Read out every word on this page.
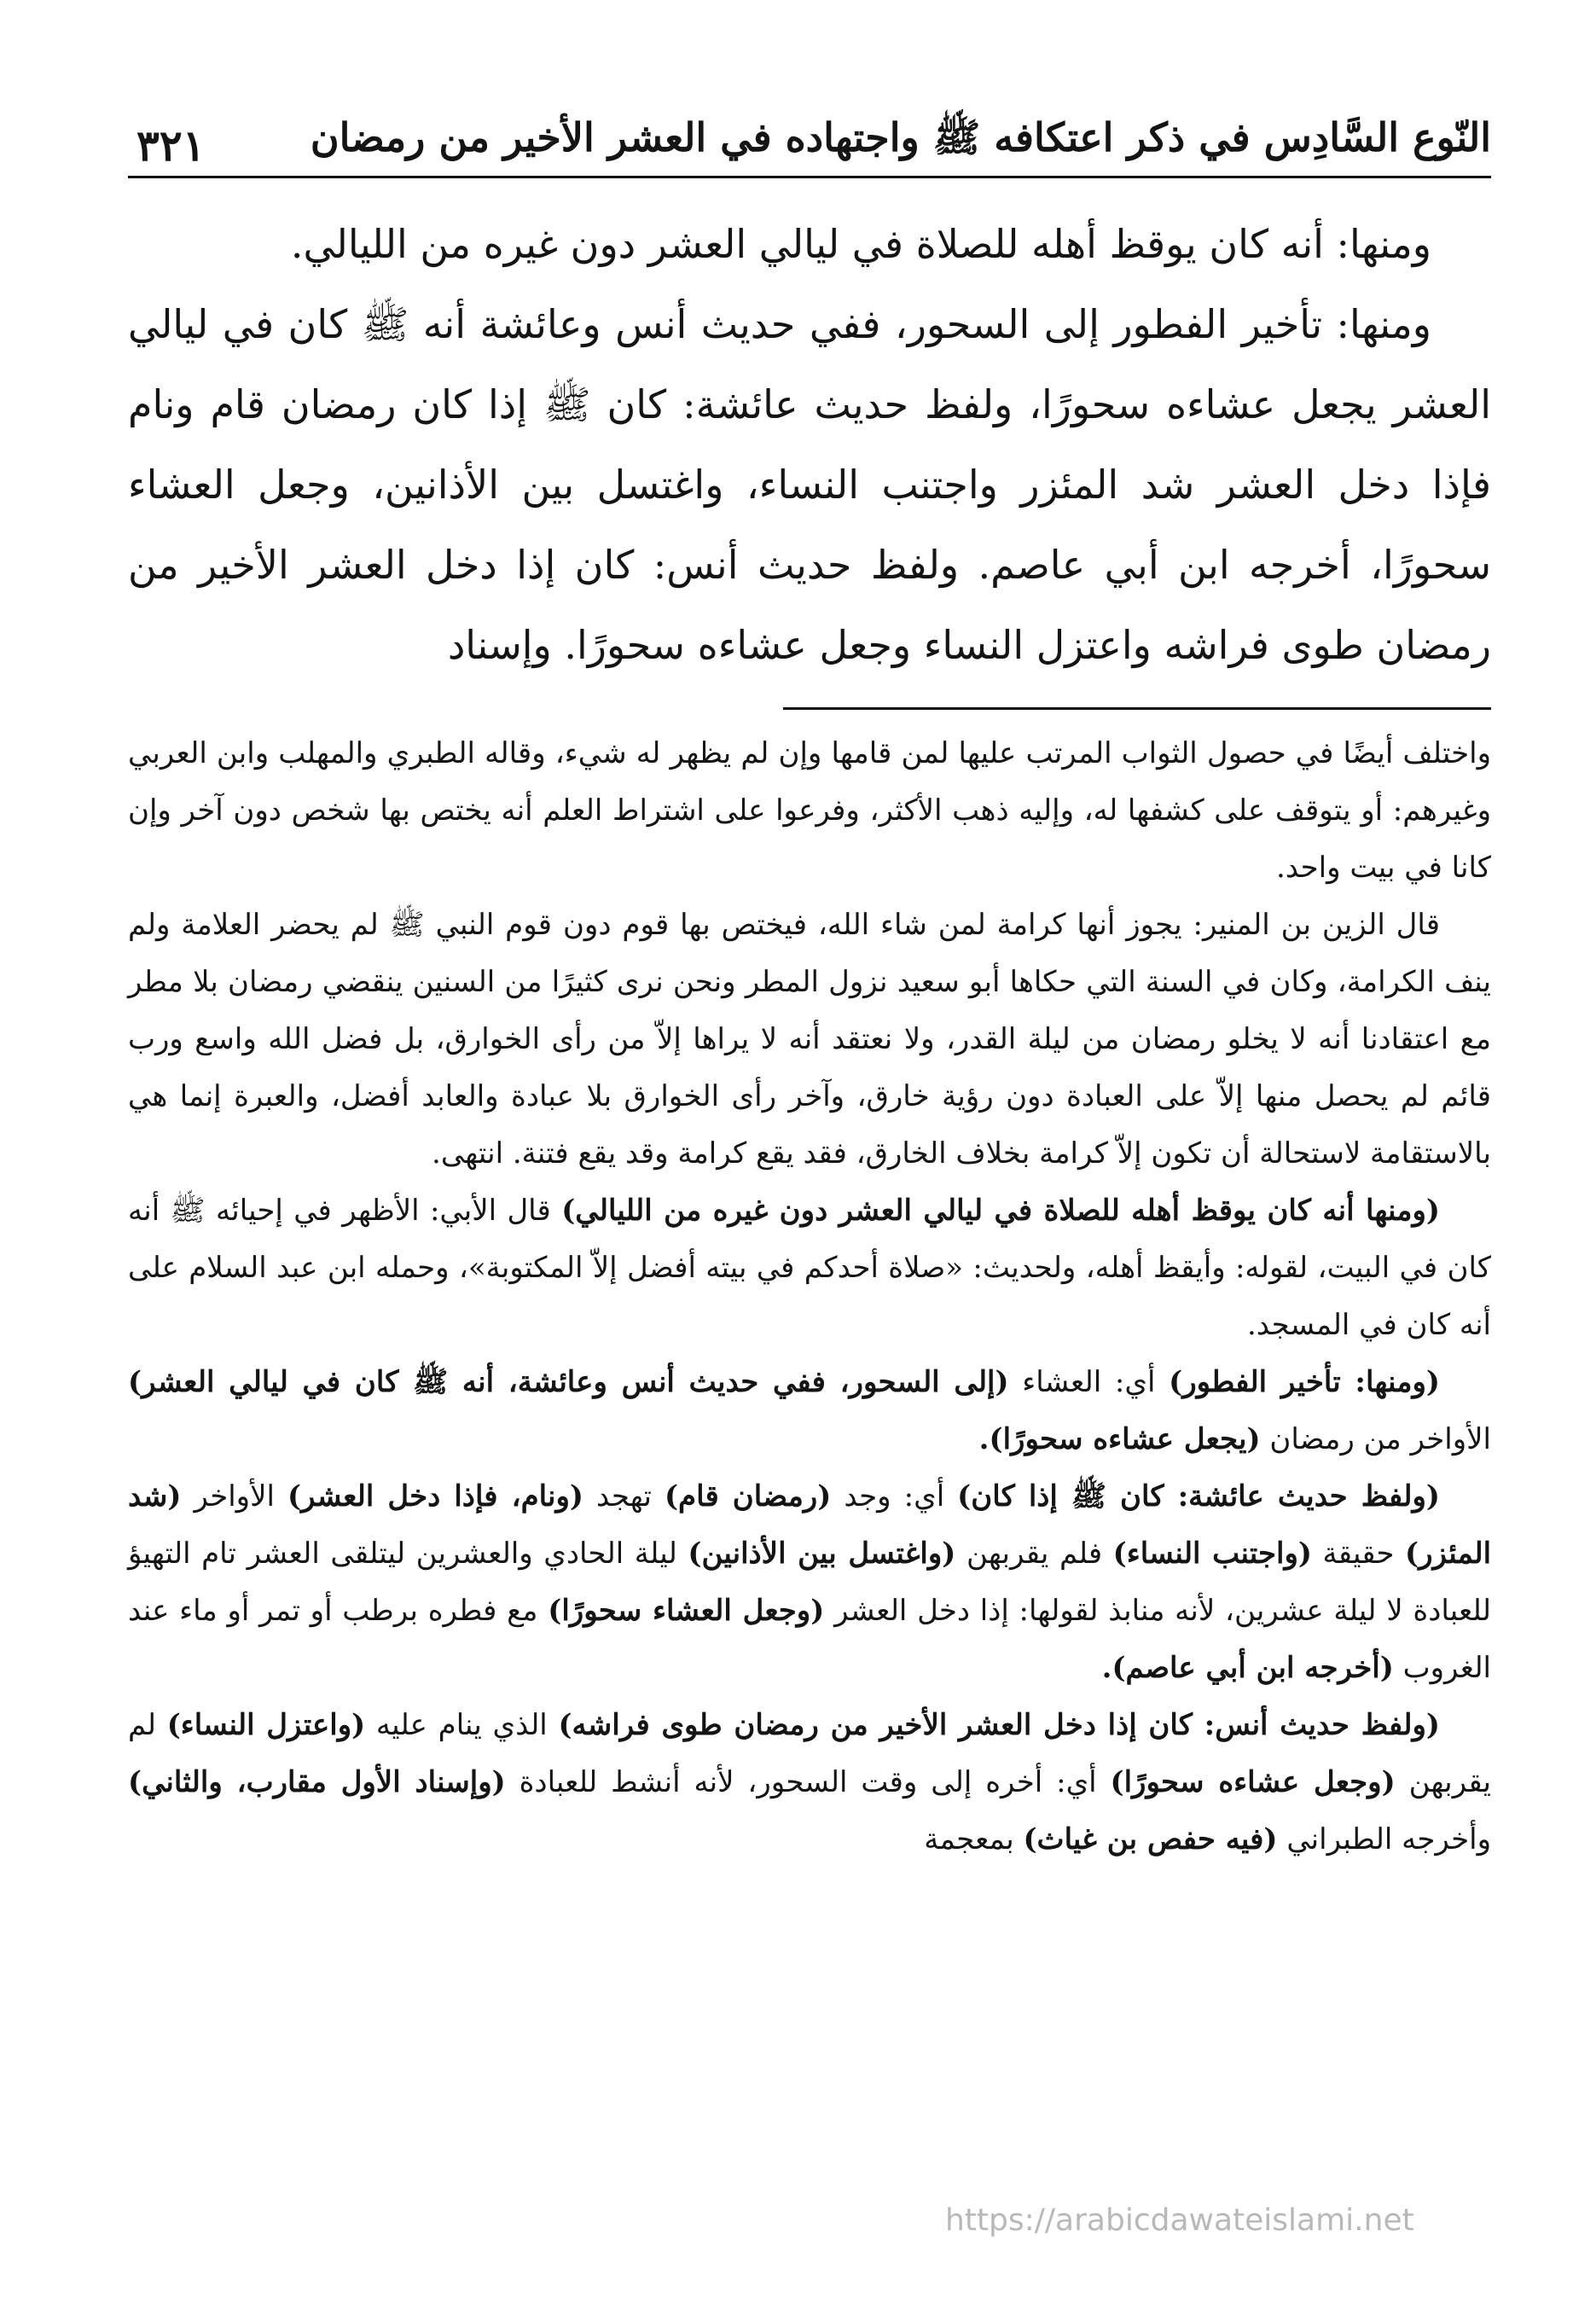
النّوع السَّادِس في ذكر اعتكافه ﷺ واجتهاده في العشر الأخير من رمضان
٣٢١

ومنها: أنه كان يوقظ أهله للصلاة في ليالي العشر دون غيره من الليالي.

ومنها: تأخير الفطور إلى السحور، ففي حديث أنس وعائشة أنه ﷺ كان في ليالي العشر يجعل عشاءه سحورًا، ولفظ حديث عائشة: كان ﷺ إذا كان رمضان قام ونام فإذا دخل العشر شد المئزر واجتنب النساء، واغتسل بين الأذانين، وجعل العشاء سحورًا، أخرجه ابن أبي عاصم. ولفظ حديث أنس: كان إذا دخل العشر الأخير من رمضان طوى فراشه واعتزل النساء وجعل عشاءه سحورًا. وإسناد

واختلف أيضًا في حصول الثواب المرتب عليها لمن قامها وإن لم يظهر له شيء، وقاله الطبري والمهلب وابن العربي وغيرهم: أو يتوقف على كشفها له، وإليه ذهب الأكثر، وفرعوا على اشتراط العلم أنه يختص بها شخص دون آخر وإن كانا في بيت واحد.

قال الزين بن المنير: يجوز أنها كرامة لمن شاء الله، فيختص بها قوم دون قوم النبي ﷺ لم يحضر العلامة ولم ينف الكرامة، وكان في السنة التي حكاها أبو سعيد نزول المطر ونحن نرى كثيرًا من السنين ينقضي رمضان بلا مطر مع اعتقادنا أنه لا يخلو رمضان من ليلة القدر، ولا نعتقد أنه لا يراها إلاّ من رأى الخوارق، بل فضل الله واسع ورب قائم لم يحصل منها إلاّ على العبادة دون رؤية خارق، وآخر رأى الخوارق بلا عبادة والعابد أفضل، والعبرة إنما هي بالاستقامة لاستحالة أن تكون إلاّ كرامة بخلاف الخارق، فقد يقع كرامة وقد يقع فتنة. انتهى.

(ومنها أنه كان يوقظ أهله للصلاة في ليالي العشر دون غيره من الليالي) قال الأبي: الأظهر في إحيائه ﷺ أنه كان في البيت، لقوله: وأيقظ أهله، ولحديث: «صلاة أحدكم في بيته أفضل إلاّ المكتوبة»، وحمله ابن عبد السلام على أنه كان في المسجد.

(ومنها: تأخير الفطور) أي: العشاء (إلى السحور، ففي حديث أنس وعائشة، أنه ﷺ كان في ليالي العشر) الأواخر من رمضان (يجعل عشاءه سحورًا).

(ولفظ حديث عائشة: كان ﷺ إذا كان) أي: وجد (رمضان قام) تهجد (ونام، فإذا دخل العشر) الأواخر (شد المئزر) حقيقة (واجتنب النساء) فلم يقربهن (واغتسل بين الأذانين) ليلة الحادي والعشرين ليتلقى العشر تام التهيؤ للعبادة لا ليلة عشرين، لأنه منابذ لقولها: إذا دخل العشر (وجعل العشاء سحورًا) مع فطره برطب أو تمر أو ماء عند الغروب (أخرجه ابن أبي عاصم).

(ولفظ حديث أنس: كان إذا دخل العشر الأخير من رمضان طوى فراشه) الذي ينام عليه (واعتزل النساء) لم يقربهن (وجعل عشاءه سحورًا) أي: أخره إلى وقت السحور، لأنه أنشط للعبادة (وإسناد الأول مقارب، والثاني) وأخرجه الطبراني (فيه حفص بن غياث) بمعجمة

https://arabicdawateislami.net
